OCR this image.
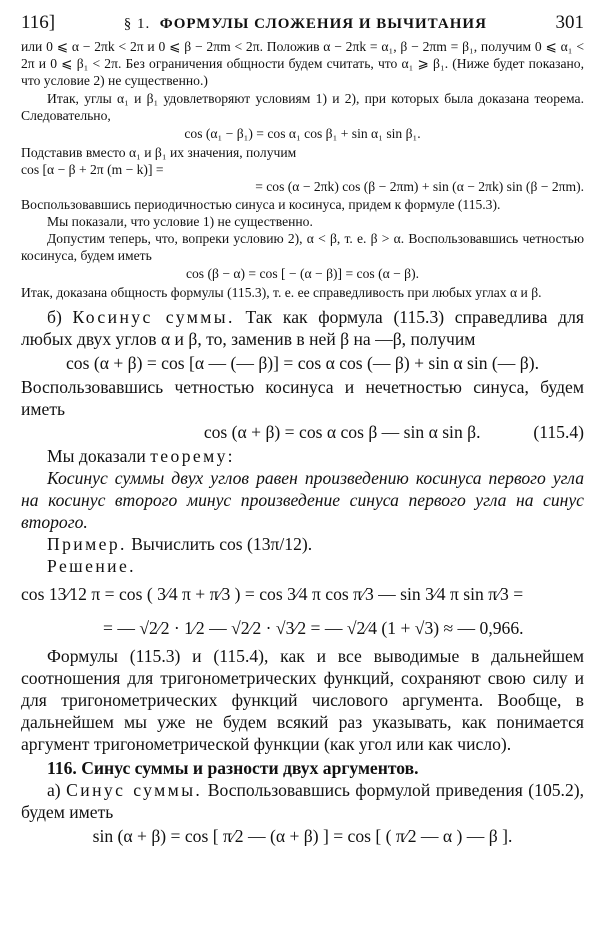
116]	§ 1. ФОРМУЛЫ СЛОЖЕНИЯ И ВЫЧИТАНИЯ	301

или 0 ⩽ α − 2πk < 2π и 0 ⩽ β − 2πm < 2π. Положив α − 2πk = α₁, β − 2πm = β₁, получим 0 ⩽ α₁ < 2π и 0 ⩽ β₁ < 2π. Без ограничения общности будем считать, что α₁ ⩾ β₁. (Ниже будет показано, что условие 2) не существенно.)

Итак, углы α₁ и β₁ удовлетворяют условиям 1) и 2), при которых была доказана теорема. Следовательно,

cos (α₁ − β₁) = cos α₁ cos β₁ + sin α₁ sin β₁.

Подставив вместо α₁ и β₁ их значения, получим

cos [α − β + 2π (m − k)] =

= cos (α − 2πk) cos (β − 2πm) + sin (α − 2πk) sin (β − 2πm).

Воспользовавшись периодичностью синуса и косинуса, придем к формуле (115.3).

Мы показали, что условие 1) не существенно.

Допустим теперь, что, вопреки условию 2), α < β, т. е. β > α. Воспользовавшись четностью косинуса, будем иметь

cos (β − α) = cos [ − (α − β)] = cos (α − β).

Итак, доказана общность формулы (115.3), т. е. ее справедливость при любых углах α и β.

б) Косинус суммы. Так как формула (115.3) справедлива для любых двух углов α и β, то, заменив в ней β на —β, получим

cos (α + β) = cos [α — (— β)] = cos α cos (— β) + sin α sin (— β).

Воспользовавшись четностью косинуса и нечетностью синуса, будем иметь

cos (α + β) = cos α cos β — sin α sin β.	(115.4)

Мы доказали теорему:

Косинус суммы двух углов равен произведению косинуса первого угла на косинус второго минус произведение синуса первого угла на синус второго.

Пример. Вычислить cos (13π/12).

Решение.

cos 13⁄12 π = cos ( 3⁄4 π + π⁄3 ) = cos 3⁄4 π cos π⁄3 — sin 3⁄4 π sin π⁄3 =

= — √2⁄2 · 1⁄2 — √2⁄2 · √3⁄2 = — √2⁄4 (1 + √3) ≈ — 0,966.

Формулы (115.3) и (115.4), как и все выводимые в дальнейшем соотношения для тригонометрических функций, сохраняют свою силу и для тригонометрических функций числового аргумента. Вообще, в дальнейшем мы уже не будем всякий раз указывать, как понимается аргумент тригонометрической функции (как угол или как число).

116. Синус суммы и разности двух аргументов.

а) Синус суммы. Воспользовавшись формулой приведения (105.2), будем иметь

sin (α + β) = cos [ π⁄2 — (α + β) ] = cos [ ( π⁄2 — α ) — β ].
